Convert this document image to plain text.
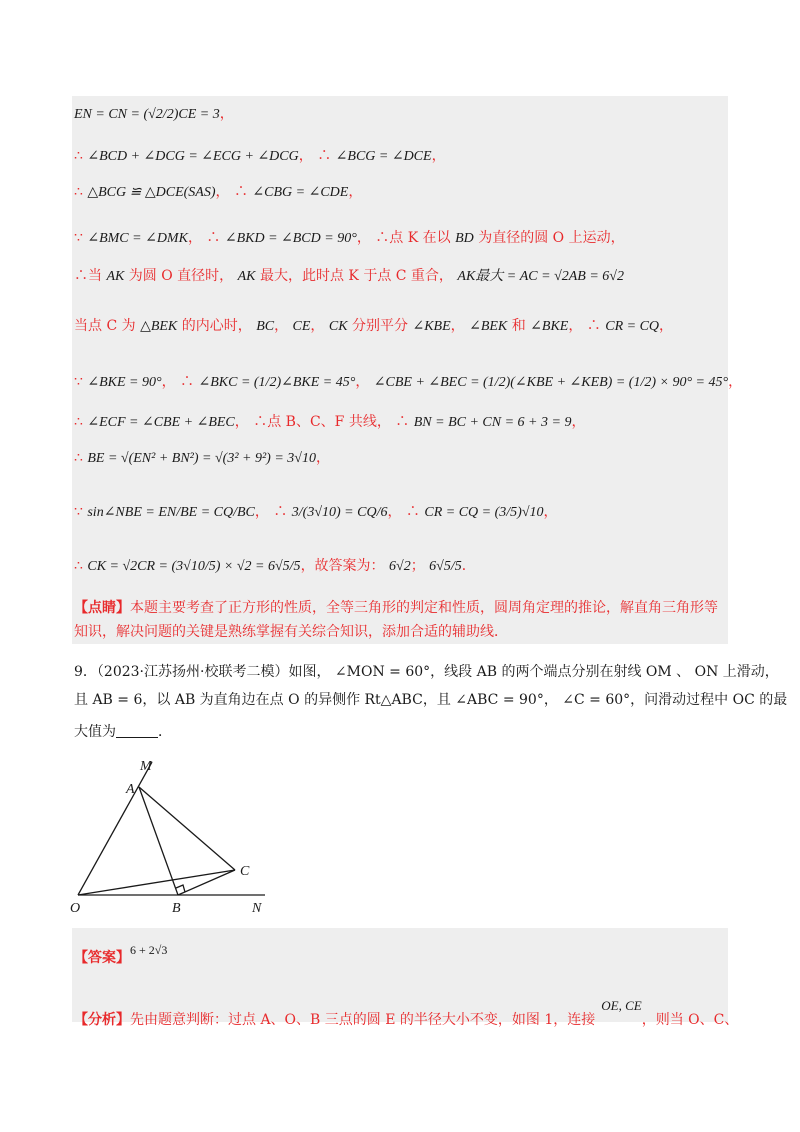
EN = CN = (√2/2)CE = 3，
∴ ∠BCD + ∠DCG = ∠ECG + ∠DCG， ∴ ∠BCG = ∠DCE，
∴ △BCG ≌ △DCE(SAS)， ∴ ∠CBG = ∠CDE，
∵ ∠BMC = ∠DMK， ∴ ∠BKD = ∠BCD = 90°， ∴点 K 在以 BD 为直径的圆 O 上运动，
∴当 AK 为圆 O 直径时， AK 最大，此时点 K 于点 C 重合， AK最大 = AC = √2AB = 6√2
当点 C 为 △BEK 的内心时， BC， CE， CK 分别平分 ∠KBE， ∠BEK 和 ∠BKE， ∴ CR = CQ，
∵ ∠BKE = 90°， ∴ ∠BKC = (1/2)∠BKE = 45°， ∠CBE + ∠BEC = (1/2)(∠KBE + ∠KEB) = (1/2) × 90° = 45°，
∴ ∠ECF = ∠CBE + ∠BEC， ∴点 B、C、F 共线， ∴ BN = BC + CN = 6 + 3 = 9，
∴ BE = √(EN² + BN²) = √(3² + 9²) = 3√10，
∵ sin∠NBE = EN/BE = CQ/BC， ∴ 3/(3√10) = CQ/6， ∴ CR = CQ = (3/5)√10，
∴ CK = √2CR = (3√10/5) × √2 = 6√5/5，故答案为： 6√2； 6√5/5．
【点睛】本题主要考查了正方形的性质，全等三角形的判定和性质，圆周角定理的推论，解直角三角形等
知识，解决问题的关键是熟练掌握有关综合知识，添加合适的辅助线．
9．（2023·江苏扬州·校联考二模）如图， ∠MON = 60°，线段 AB 的两个端点分别在射线 OM 、 ON 上滑动，
且 AB = 6，以 AB 为直角边在点 O 的异侧作 Rt△ABC，且 ∠ABC = 90°， ∠C = 60°，问滑动过程中 OC 的最
大值为	．
M
A
C
O	B	N
【答案】6 + 2√3
【分析】先由题意判断：过点 A、O、B 三点的圆 E 的半径大小不变，如图 1，连接OE, CE，则当 O、C、
